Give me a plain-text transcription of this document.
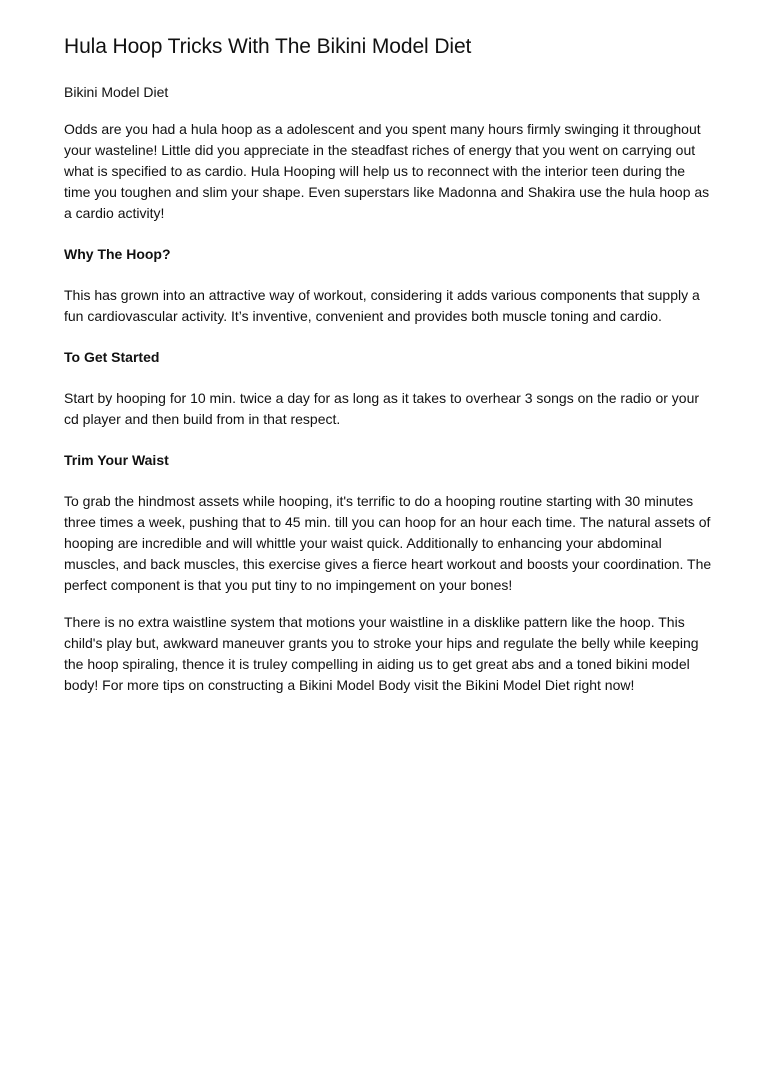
Hula Hoop Tricks With The Bikini Model Diet

Bikini Model Diet

Odds are you had a hula hoop as a adolescent and you spent many hours firmly swinging it throughout your wasteline! Little did you appreciate in the steadfast riches of energy that you went on carrying out what is specified to as cardio. Hula Hooping will help us to reconnect with the interior teen during the time you toughen and slim your shape. Even superstars like Madonna and Shakira use the hula hoop as a cardio activity!

Why The Hoop?

This has grown into an attractive way of workout, considering it adds various components that supply a fun cardiovascular activity. It’s inventive, convenient and provides both muscle toning and cardio.

To Get Started

Start by hooping for 10 min. twice a day for as long as it takes to overhear 3 songs on the radio or your cd player and then build from in that respect.

Trim Your Waist

To grab the hindmost assets while hooping, it's terrific to do a hooping routine starting with 30 minutes three times a week, pushing that to 45 min. till you can hoop for an hour each time. The natural assets of hooping are incredible and will whittle your waist quick. Additionally to enhancing your abdominal muscles, and back muscles, this exercise gives a fierce heart workout and boosts your coordination. The perfect component is that you put tiny to no impingement on your bones!

There is no extra waistline system that motions your waistline in a disklike pattern like the hoop. This child's play but, awkward maneuver grants you to stroke your hips and regulate the belly while keeping the hoop spiraling, thence it is truley compelling in aiding us to get great abs and a toned bikini model body! For more tips on constructing a Bikini Model Body visit the Bikini Model Diet right now!
